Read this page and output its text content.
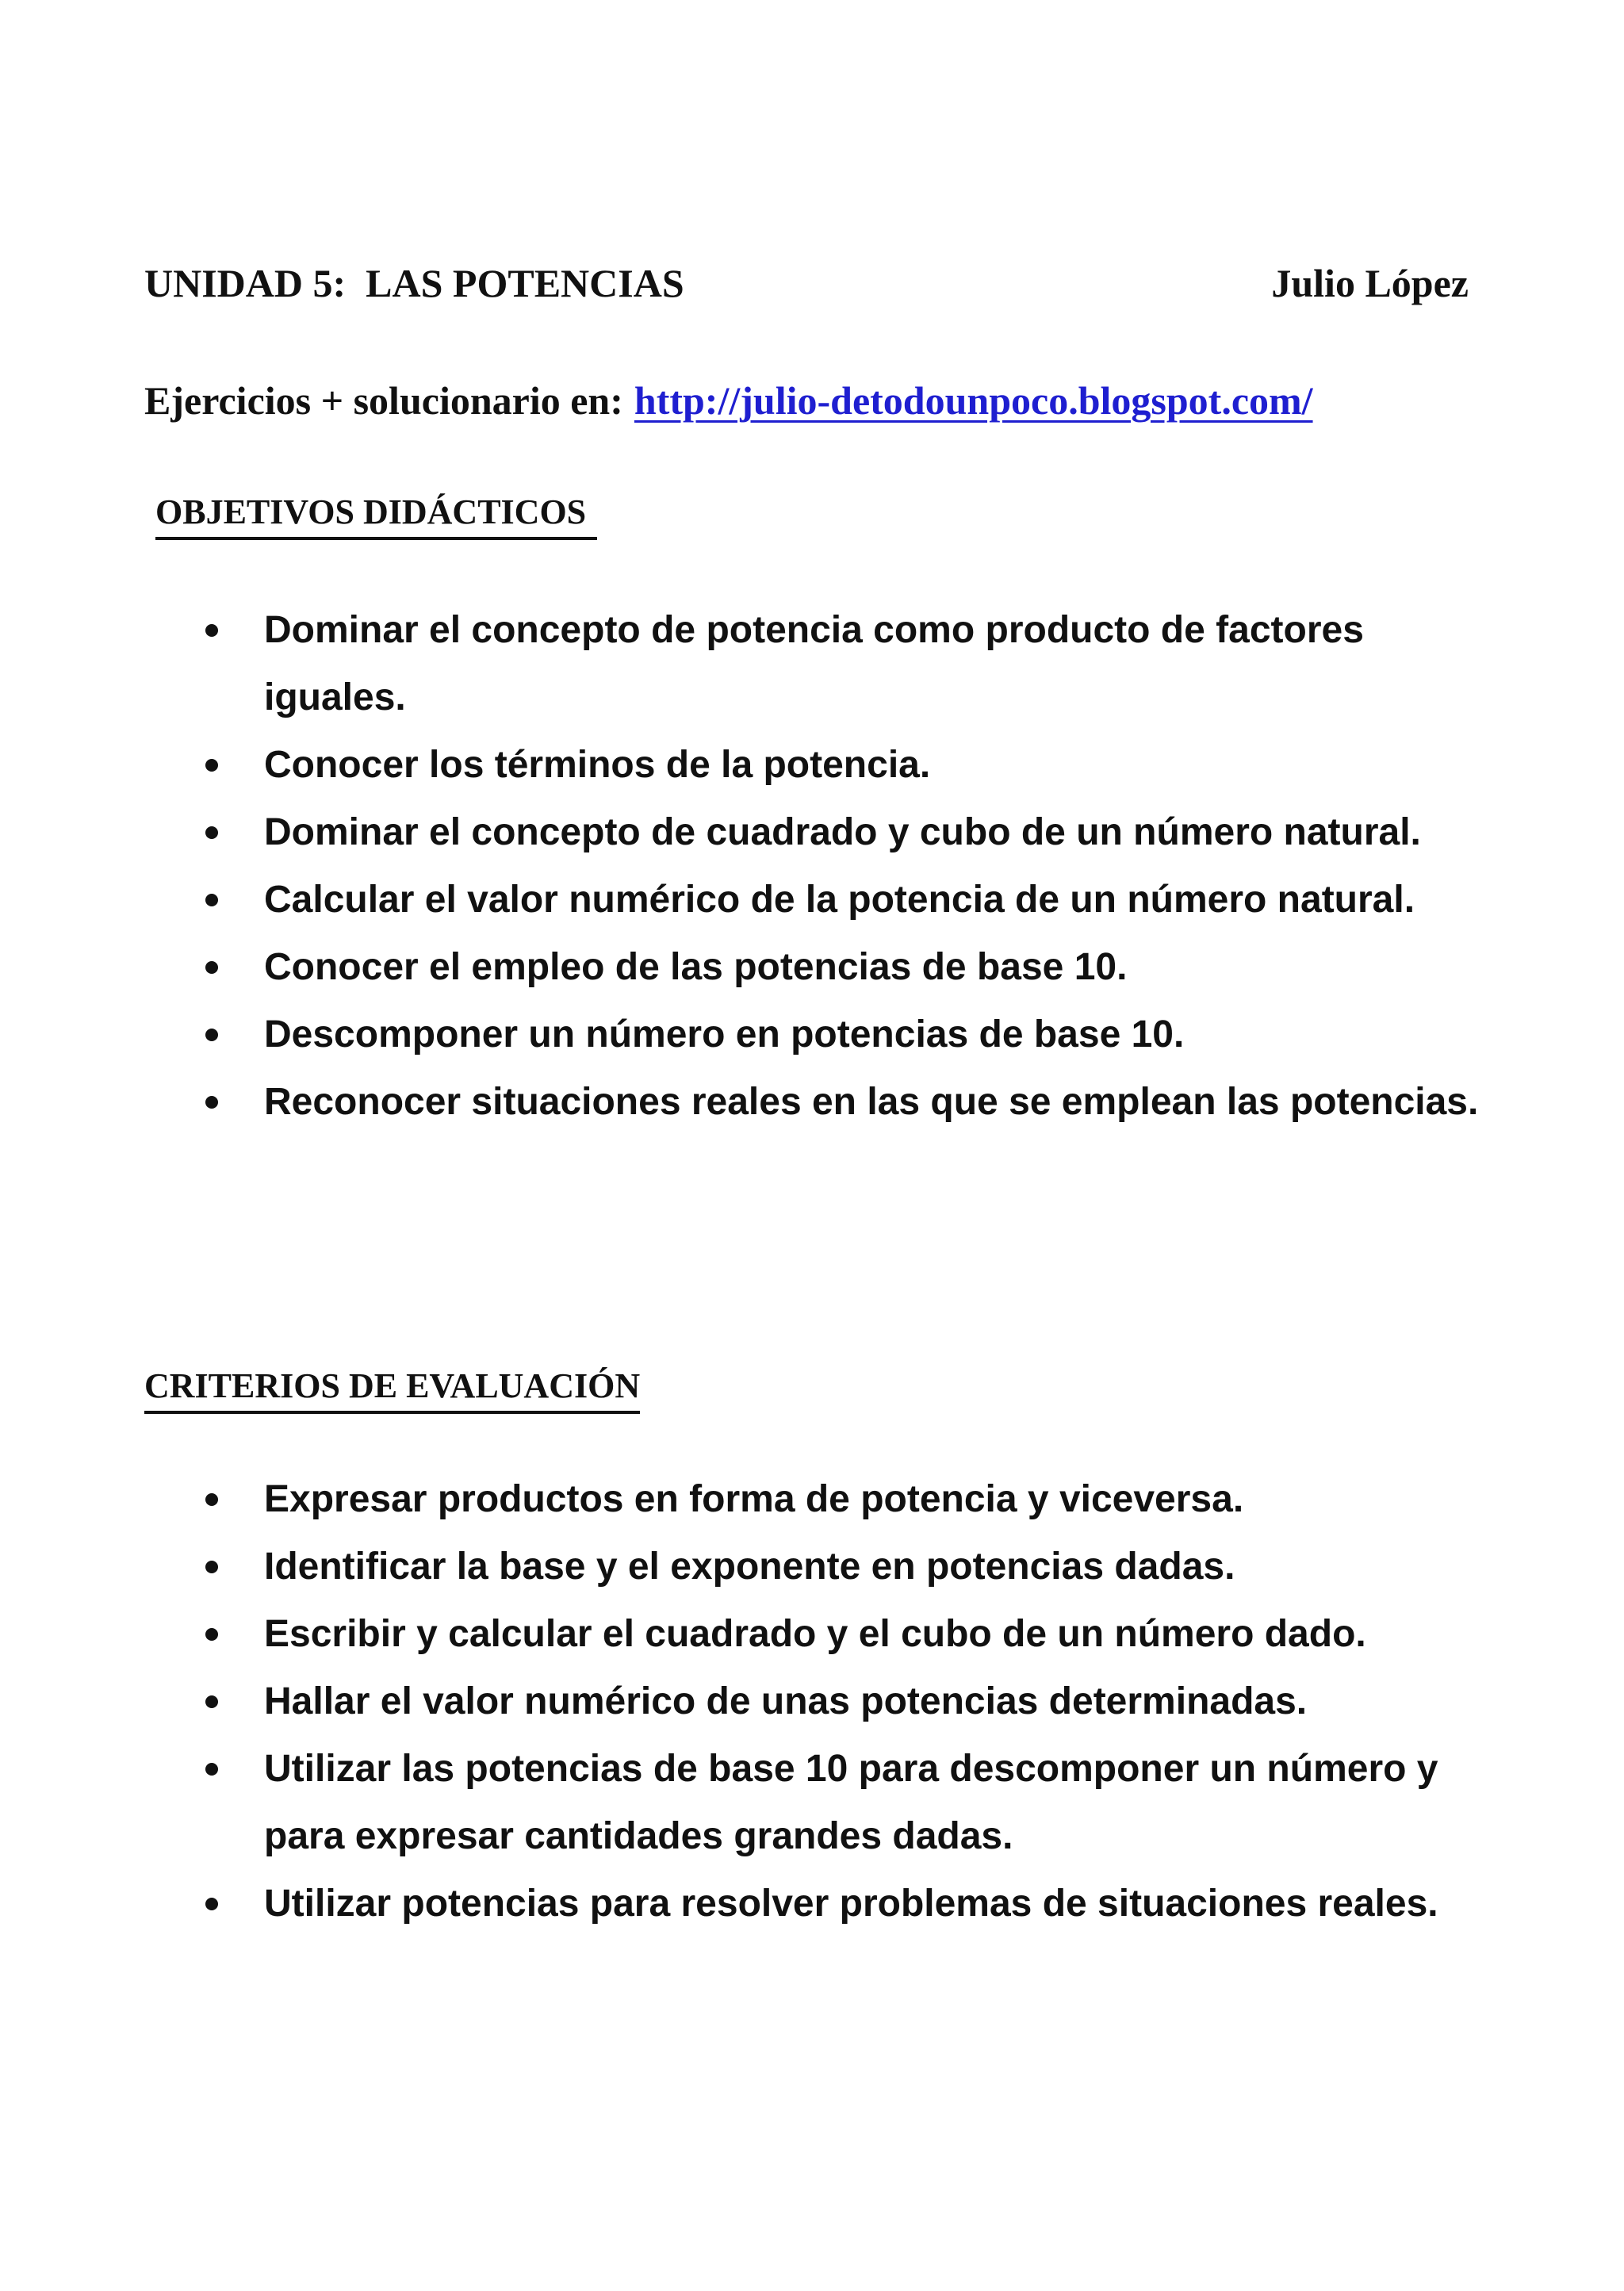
UNIDAD 5:  LAS POTENCIAS	Julio López
Ejercicios + solucionario en: http://julio-detodounpoco.blogspot.com/
OBJETIVOS DIDÁCTICOS
Dominar el concepto de potencia como producto de factores iguales.
Conocer los términos de la potencia.
Dominar el concepto de cuadrado y cubo de un número natural.
Calcular el valor numérico de la potencia de un número natural.
Conocer el empleo de las potencias de base 10.
Descomponer un número en potencias de base 10.
Reconocer situaciones reales en las que se emplean las potencias.
CRITERIOS DE EVALUACIÓN
Expresar productos en forma de potencia y viceversa.
Identificar la base y el exponente en potencias dadas.
Escribir y calcular el cuadrado y el cubo de un número dado.
Hallar el valor numérico de unas potencias determinadas.
Utilizar las potencias de base 10 para descomponer un número y para expresar cantidades grandes dadas.
Utilizar potencias para resolver problemas de situaciones reales.
